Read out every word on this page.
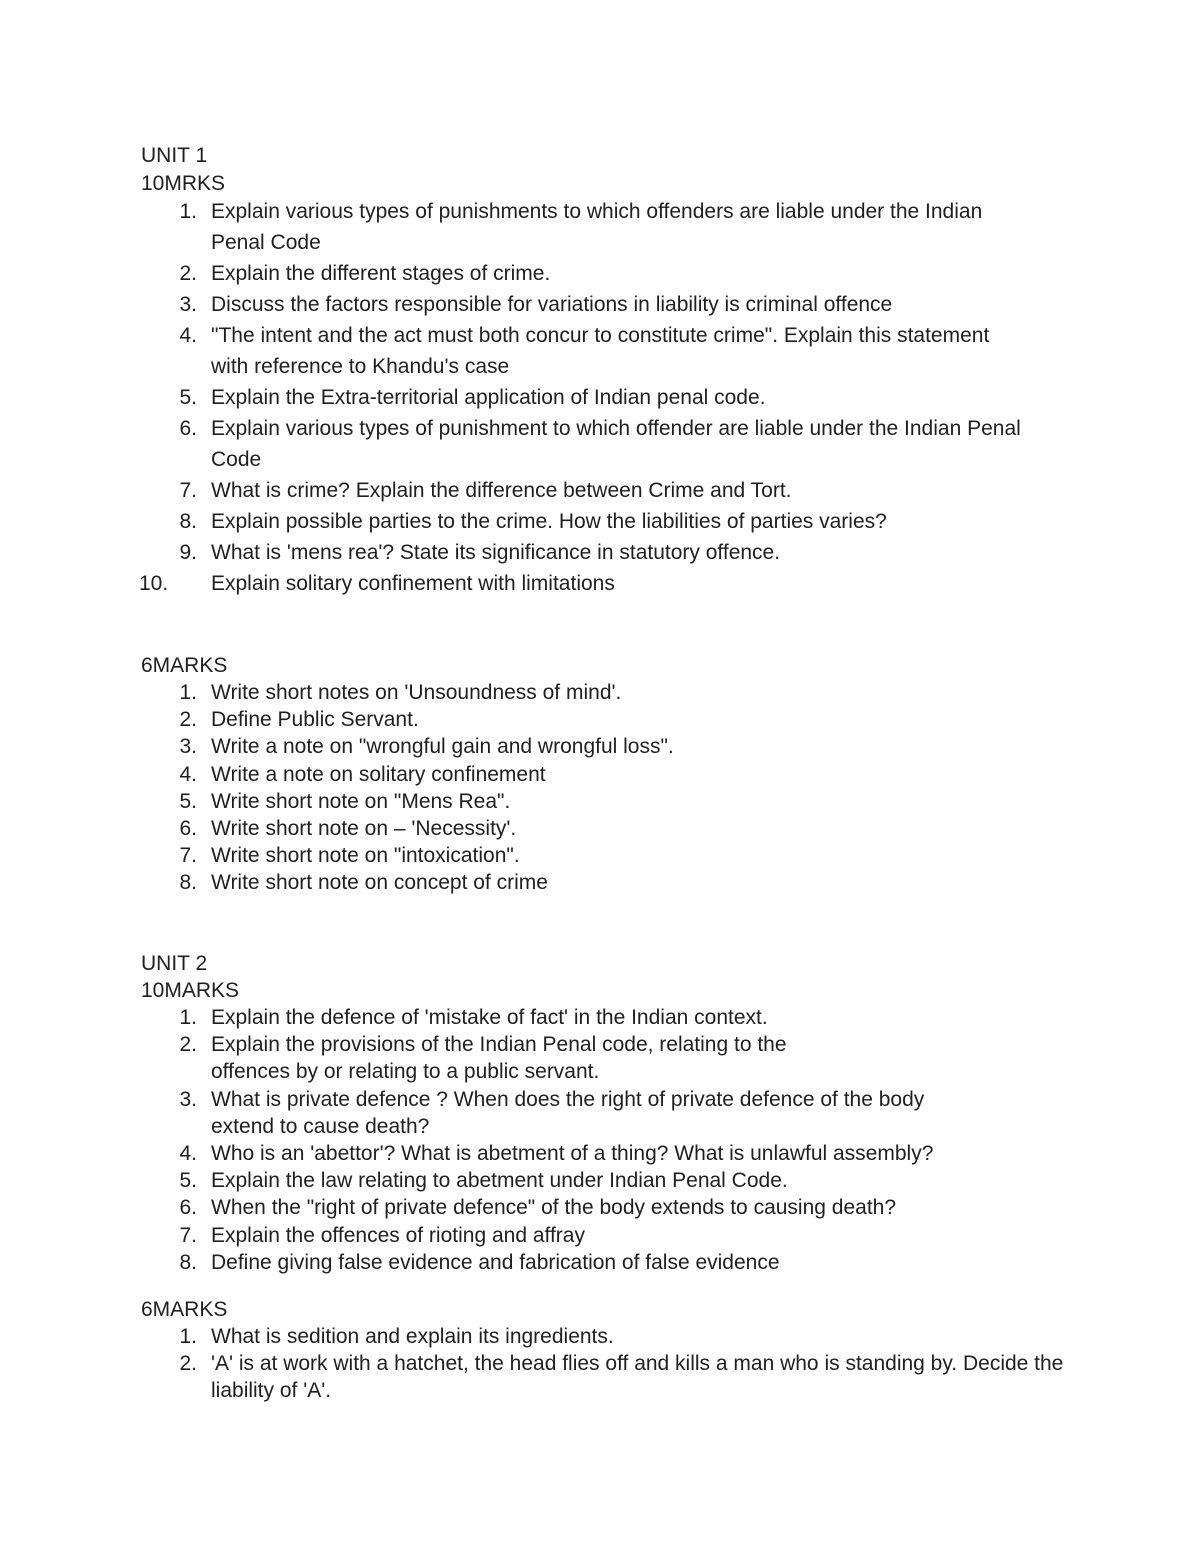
UNIT 1
10MRKS
1. Explain various types of punishments to which offenders are liable under the Indian Penal Code
2. Explain the different stages of crime.
3. Discuss the factors responsible for variations in liability is criminal offence
4. "The intent and the act must both concur to constitute crime". Explain this statement with reference to Khandu's case
5. Explain the Extra-territorial application of Indian penal code.
6. Explain various types of punishment to which offender are liable under the Indian Penal Code
7. What is crime? Explain the difference between Crime and Tort.
8. Explain possible parties to the crime. How the liabilities of parties varies?
9. What is 'mens rea'? State its significance in statutory offence.
10.	Explain solitary confinement with limitations
6MARKS
1. Write short notes on 'Unsoundness of mind'.
2. Define Public Servant.
3. Write a note on "wrongful gain and wrongful loss".
4. Write a note on solitary confinement
5. Write short note on "Mens Rea".
6. Write short note on – 'Necessity'.
7. Write short note on "intoxication".
8. Write short note on concept of crime
UNIT 2
10MARKS
1. Explain the defence of 'mistake of fact' in the Indian context.
2. Explain the provisions of the Indian Penal code, relating to the offences by or relating to a public servant.
3. What is private defence ? When does the right of private defence of the body extend to cause death?
4. Who is an 'abettor'? What is abetment of a thing? What is unlawful assembly?
5. Explain the law relating to abetment under Indian Penal Code.
6. When the "right of private defence" of the body extends to causing death?
7. Explain the offences of rioting and affray
8. Define giving false evidence and fabrication of false evidence
6MARKS
1. What is sedition and explain its ingredients.
2. 'A' is at work with a hatchet, the head flies off and kills a man who is standing by. Decide the liability of 'A'.
